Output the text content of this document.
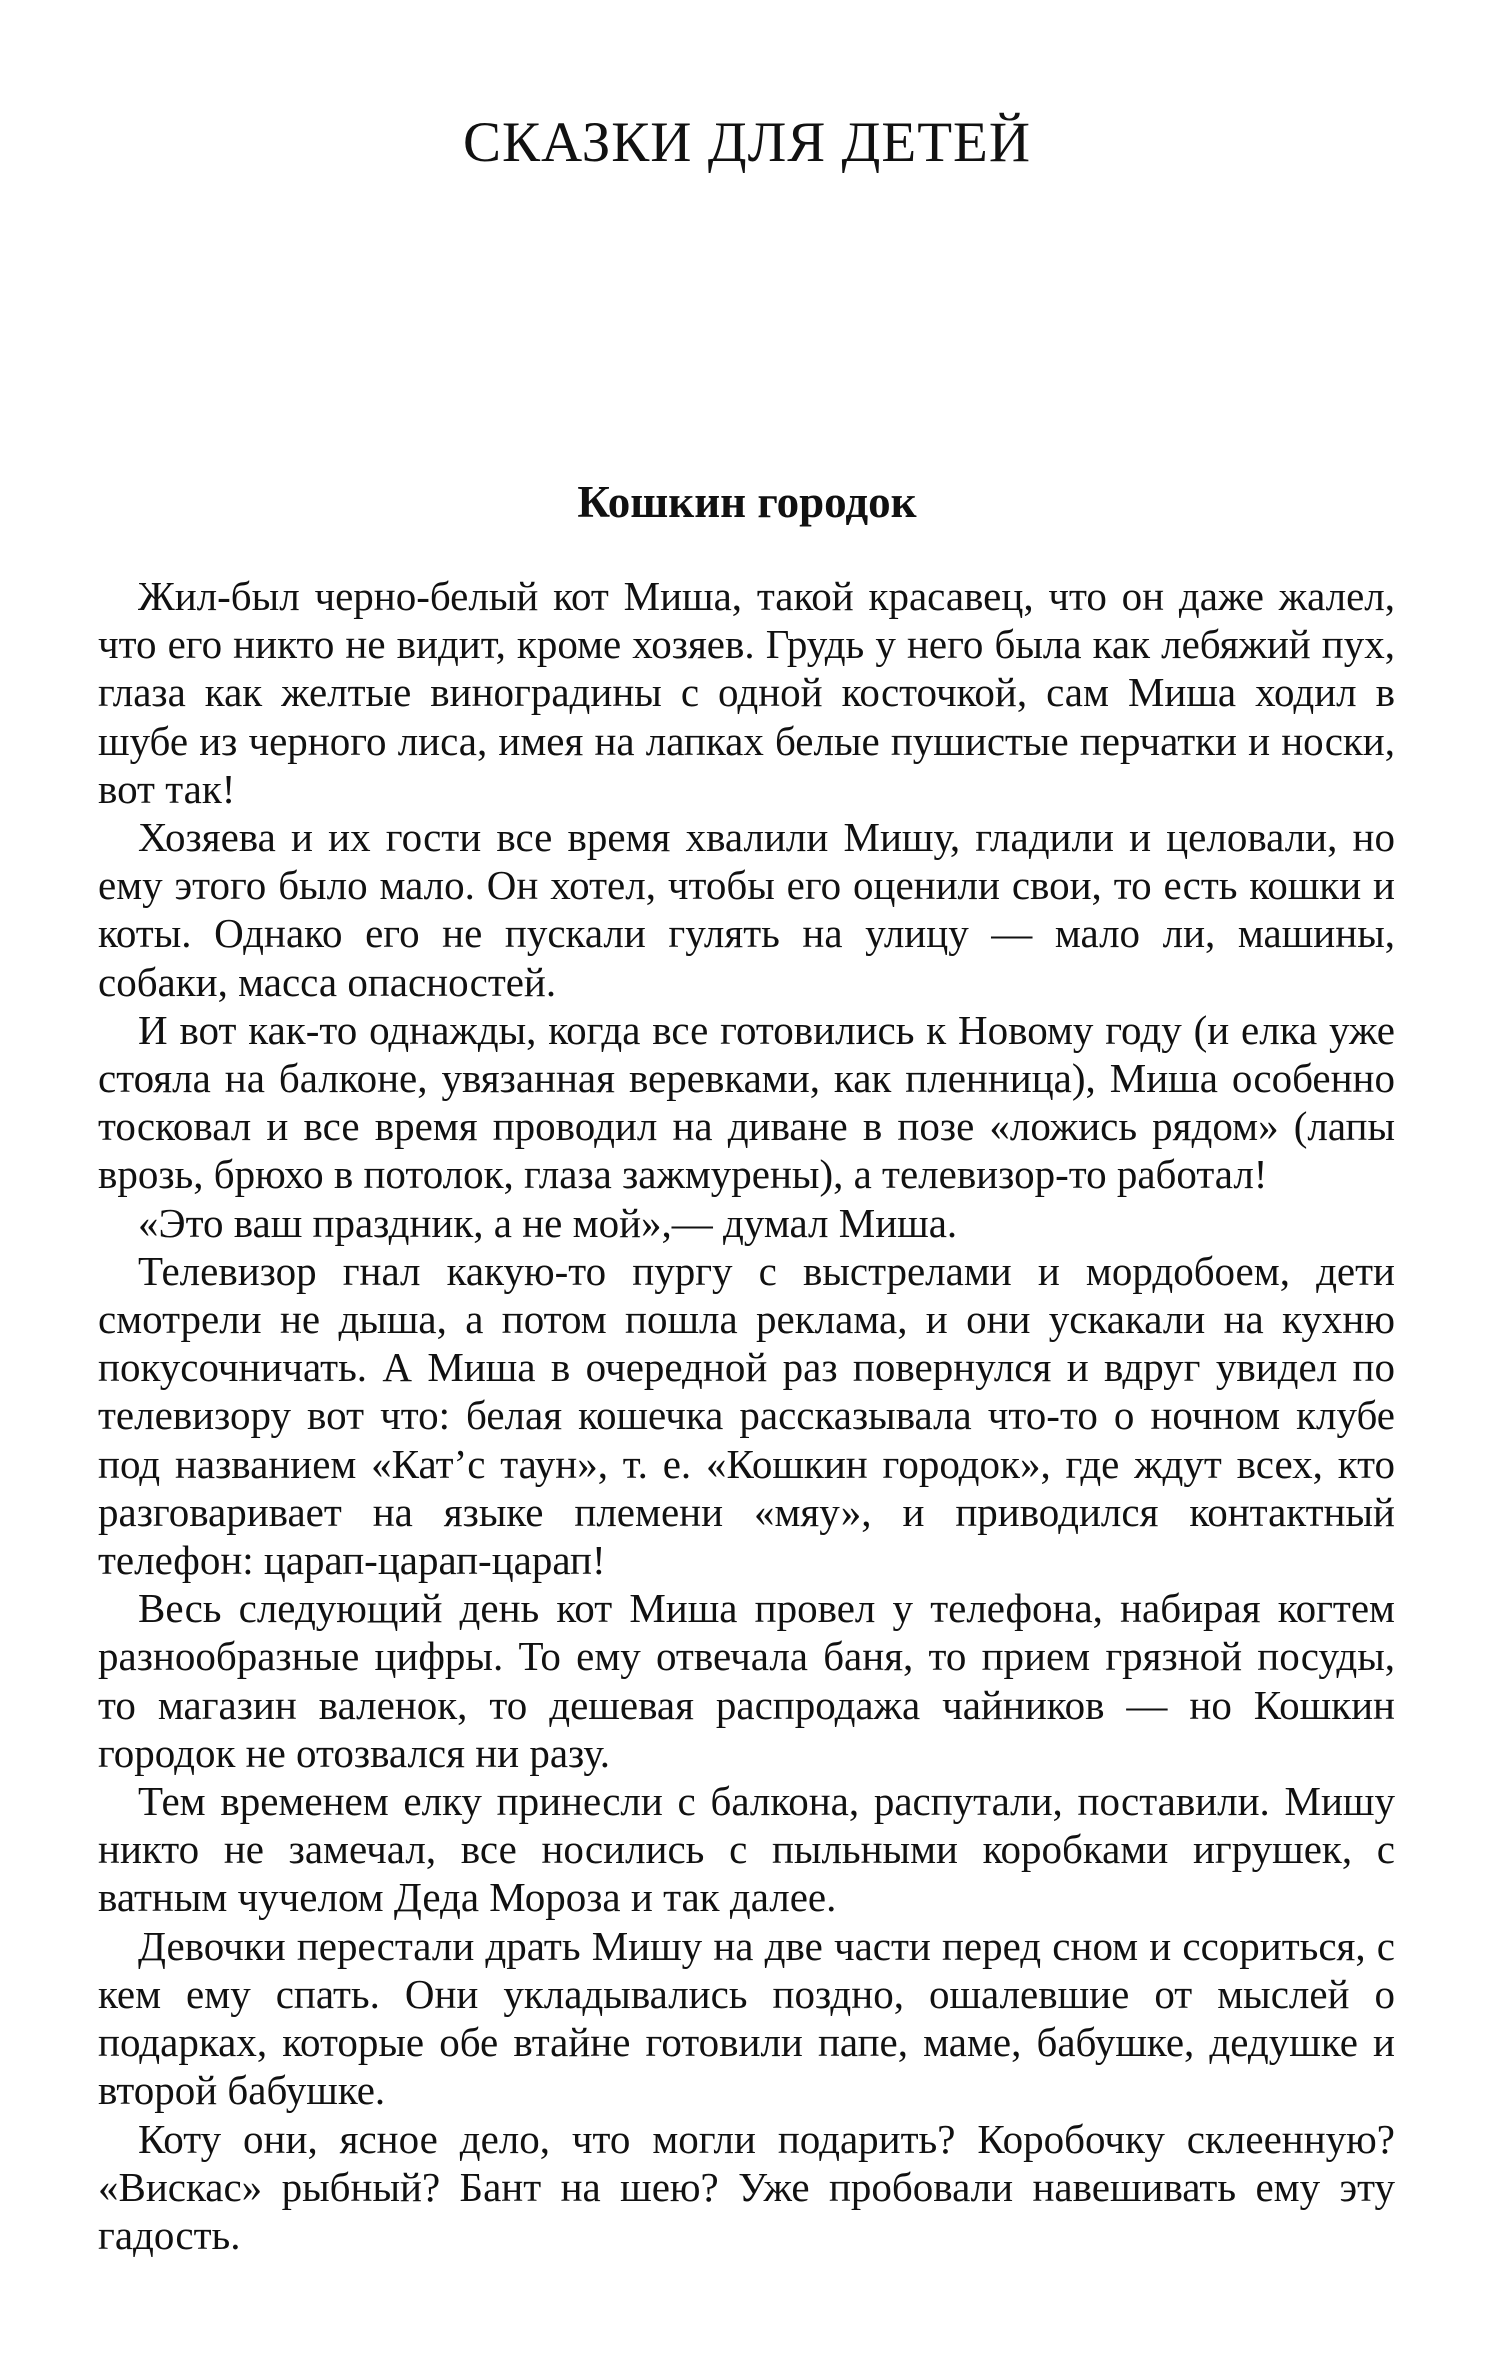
СКАЗКИ ДЛЯ ДЕТЕЙ
Кошкин городок

Жил-был черно-белый кот Миша, такой красавец, что он даже жалел, что его никто не видит, кроме хозяев. Грудь у него была как лебяжий пух, глаза как желтые виноградины с одной косточкой, сам Миша ходил в шубе из черного лиса, имея на лапках белые пушистые перчатки и носки, вот так!

Хозяева и их гости все время хвалили Мишу, гладили и целовали, но ему этого было мало. Он хотел, чтобы его оценили свои, то есть кошки и коты. Однако его не пускали гулять на улицу — мало ли, машины, собаки, масса опасностей.

И вот как-то однажды, когда все готовились к Новому году (и елка уже стояла на балконе, увязанная веревками, как пленница), Миша особенно тосковал и все время проводил на диване в позе «ложись рядом» (лапы врозь, брюхо в потолок, глаза зажмурены), а телевизор-то работал!

«Это ваш праздник, а не мой»,— думал Миша.

Телевизор гнал какую-то пургу с выстрелами и мордобоем, дети смотрели не дыша, а потом пошла реклама, и они ускакали на кухню покусочничать. А Миша в очередной раз повернулся и вдруг увидел по телевизору вот что: белая кошечка рассказывала что-то о ночном клубе под названием «Кат’с таун», т. е. «Кошкин городок», где ждут всех, кто разговаривает на языке племени «мяу», и приводился контактный телефон: царап-царап-царап!

Весь следующий день кот Миша провел у телефона, набирая когтем разнообразные цифры. То ему отвечала баня, то прием грязной посуды, то магазин валенок, то дешевая распродажа чайников — но Кошкин городок не отозвался ни разу.

Тем временем елку принесли с балкона, распутали, поставили. Мишу никто не замечал, все носились с пыльными коробками игрушек, с ватным чучелом Деда Мороза и так далее.

Девочки перестали драть Мишу на две части перед сном и ссориться, с кем ему спать. Они укладывались поздно, ошалевшие от мыслей о подарках, которые обе втайне готовили папе, маме, бабушке, дедушке и второй бабушке.

Коту они, ясное дело, что могли подарить? Коробочку склеенную? «Вискас» рыбный? Бант на шею? Уже пробовали навешивать ему эту гадость.
